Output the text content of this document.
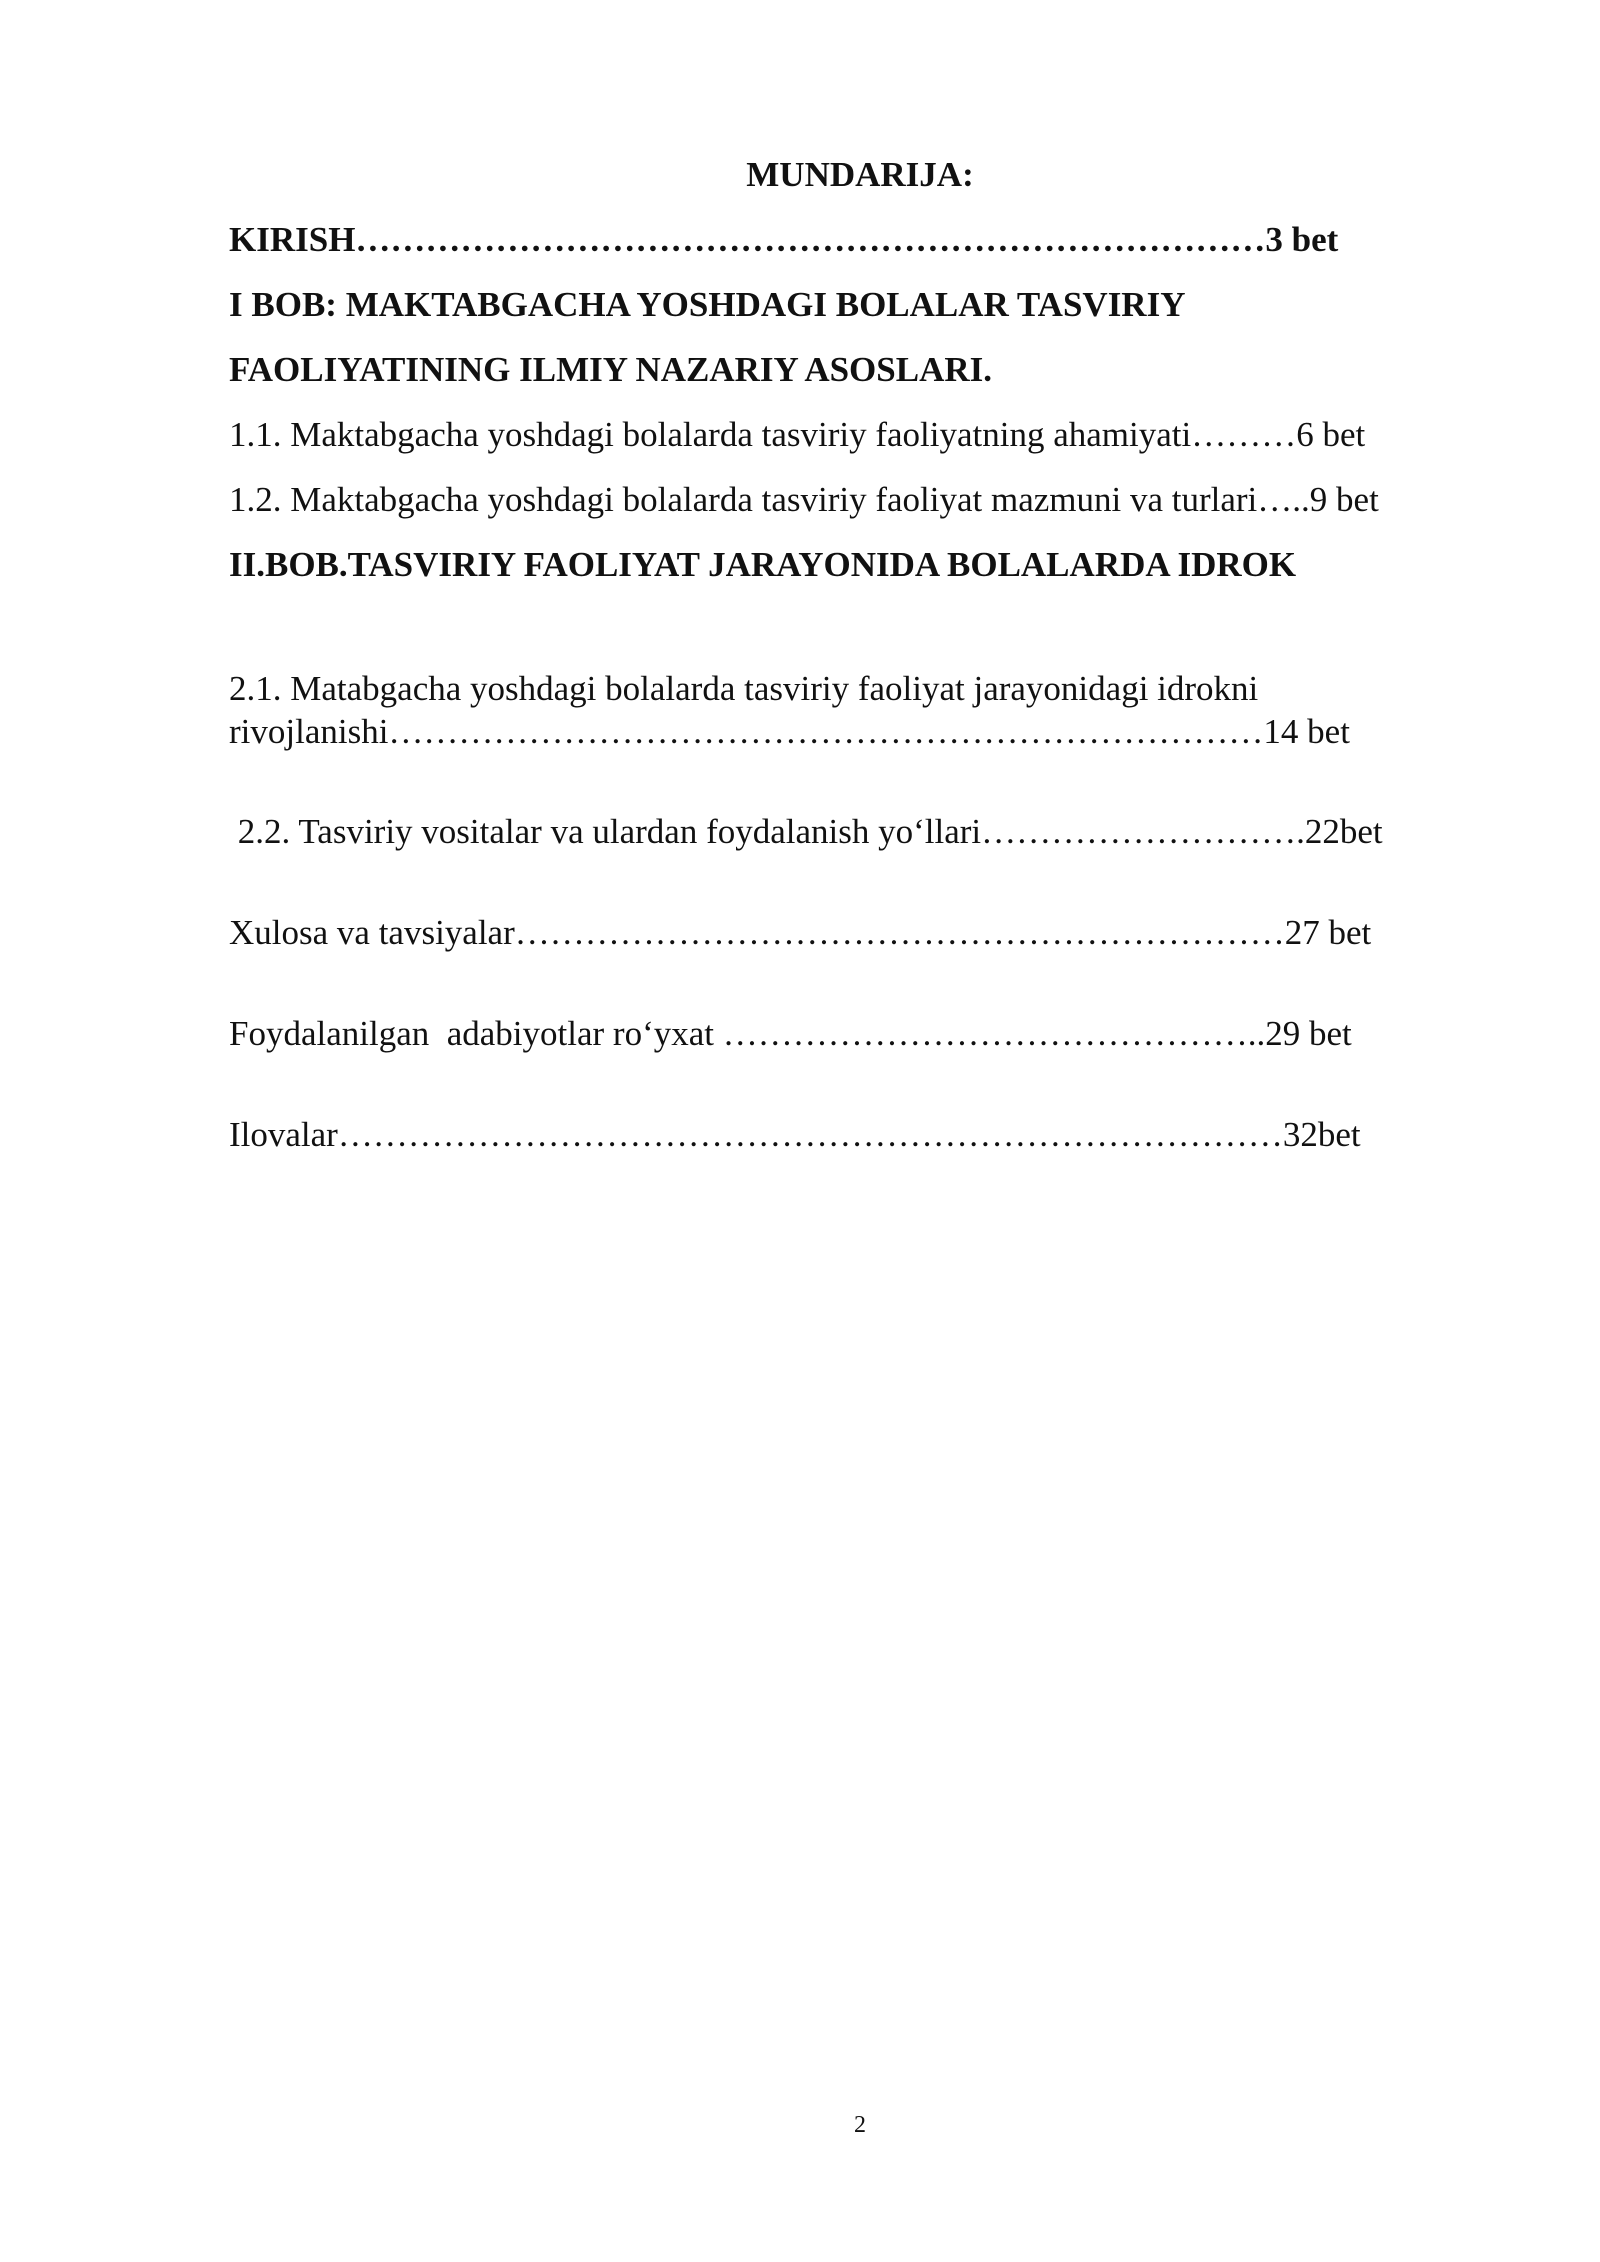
MUNDARIJA:
KIRISH……………………………………………………………………3 bet
I BOB: MAKTABGACHA YOSHDAGI BOLALAR TASVIRIY
FAOLIYATINING ILMIY NAZARIY ASOSLARI.
1.1. Maktabgacha yoshdagi bolalarda tasviriy faoliyatning ahamiyati………6 bet
1.2. Maktabgacha yoshdagi bolalarda tasviriy faoliyat mazmuni va turlari…..9 bet
II.BOB.TASVIRIY FAOLIYAT JARAYONIDA BOLALARDA IDROK
2.1. Matabgacha yoshdagi bolalarda tasviriy faoliyat jarayonidagi idrokni
rivojlanishi…………………………………………………………………14 bet
2.2. Tasviriy vositalar va ulardan foydalanish yo‘llari……………………….22bet
Xulosa va tavsiyalar…………………………………………………………27 bet
Foydalanilgan  adabiyotlar ro‘yxat ………………………………………..29 bet
Ilovalar………………………………………………………………………32bet
2
